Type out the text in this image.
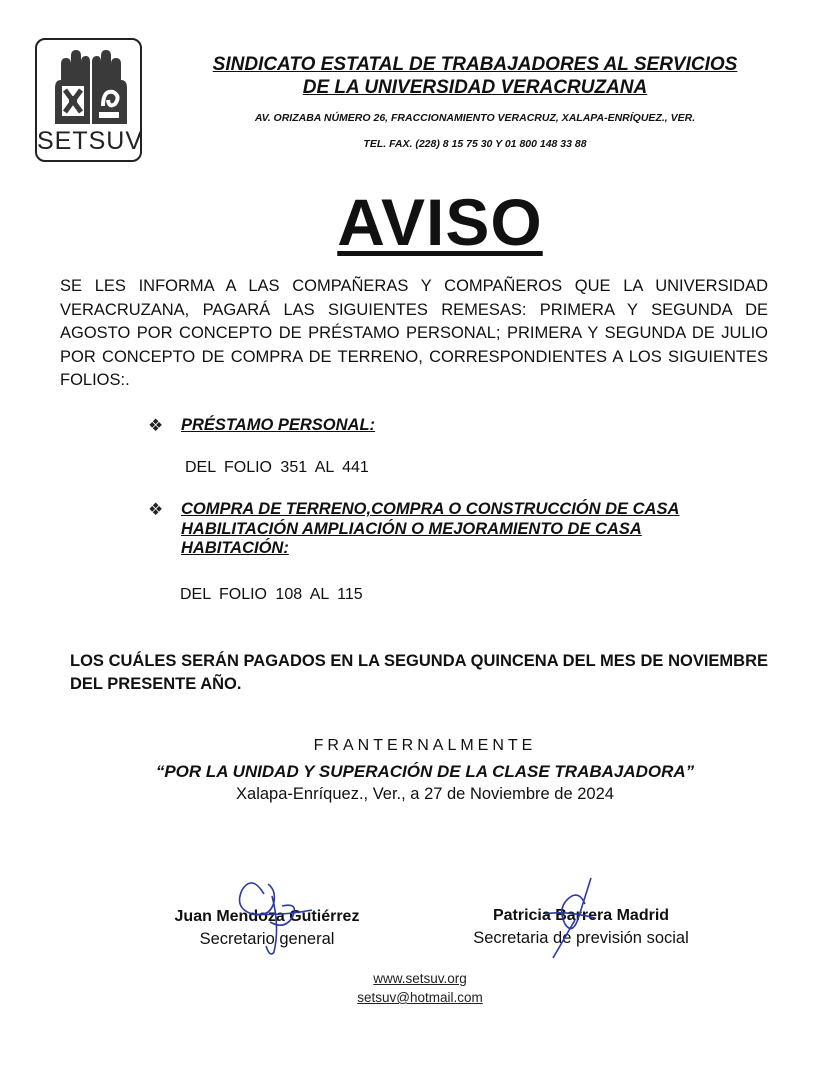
SETSUV
SINDICATO ESTATAL DE TRABAJADORES AL SERVICIOS
DE LA UNIVERSIDAD VERACRUZANA
AV. ORIZABA NÚMERO 26, FRACCIONAMIENTO VERACRUZ, XALAPA-ENRÍQUEZ., VER.
TEL. FAX. (228) 8 15 75 30 Y 01 800 148 33 88
AVISO
SE LES INFORMA A LAS COMPAÑERAS Y COMPAÑEROS QUE LA UNIVERSIDAD VERACRUZANA, PAGARÁ LAS SIGUIENTES REMESAS: PRIMERA Y SEGUNDA DE AGOSTO POR CONCEPTO DE PRÉSTAMO PERSONAL; PRIMERA Y SEGUNDA DE JULIO POR CONCEPTO DE COMPRA DE TERRENO, CORRESPONDIENTES A LOS SIGUIENTES FOLIOS:.
❖ PRÉSTAMO PERSONAL:
DEL FOLIO 351 AL 441
❖ COMPRA DE TERRENO,COMPRA O CONSTRUCCIÓN DE CASA HABILITACIÓN AMPLIACIÓN O MEJORAMIENTO DE CASA HABITACIÓN:
DEL FOLIO 108 AL 115
LOS CUÁLES SERÁN PAGADOS EN LA SEGUNDA QUINCENA DEL MES DE NOVIEMBRE DEL PRESENTE AÑO.
FRANTERNALMENTE
“POR LA UNIDAD Y SUPERACIÓN DE LA CLASE TRABAJADORA”
Xalapa-Enríquez., Ver., a 27 de Noviembre de 2024
Juan Mendoza Gutiérrez
Secretario general
Patricia Barrera Madrid
Secretaria de previsión social
www.setsuv.org
setsuv@hotmail.com
